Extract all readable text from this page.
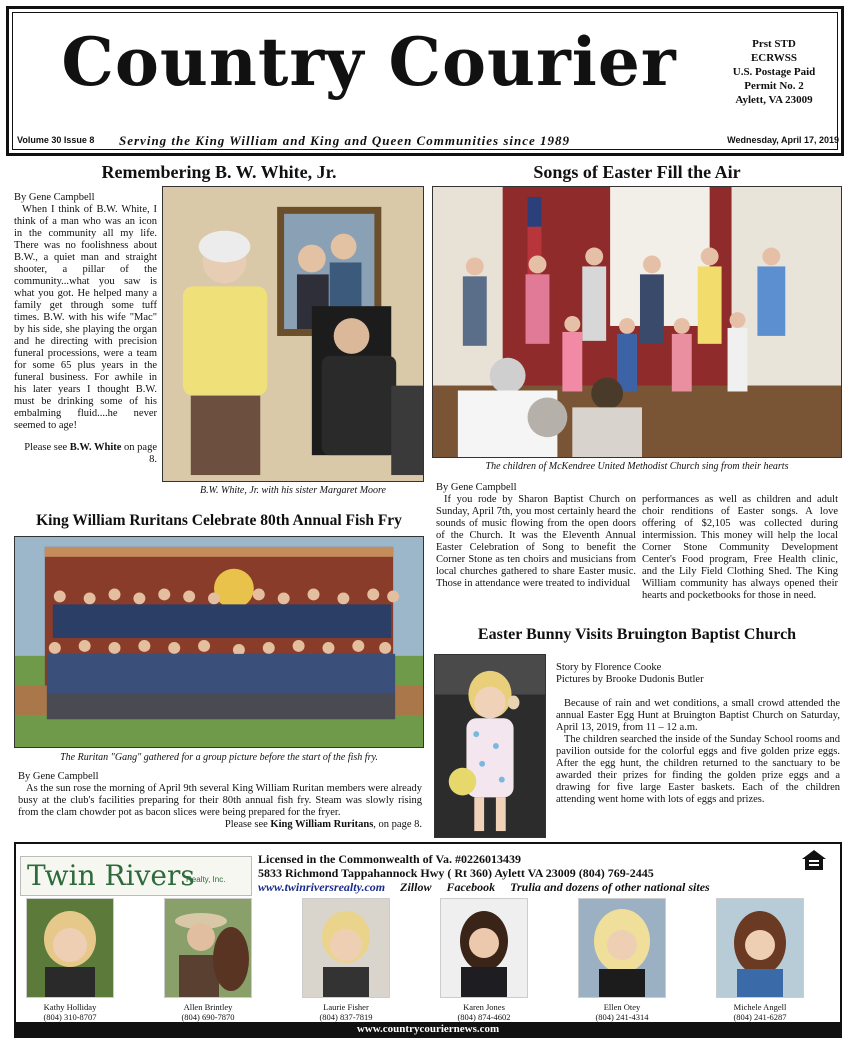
Country Courier	Prst STD
ECRWSS
U.S. Postage Paid
Permit No. 2
Aylett, VA 23009
Volume 30 Issue 8 Serving the King William and King and Queen Communities since 1989	Wednesday, April 17, 2019
Remembering B. W. White, Jr.
By Gene Campbell
When I think of B.W. White, I think of a man who was an icon in the community all my life. There was no foolishness about B.W., a quiet man and straight shooter, a pillar of the community...what you saw is what you got. He helped many a family get through some tuff times. B.W. with his wife "Mac" by his side, she playing the organ and he directing with precision funeral processions, were a team for some 65 plus years in the funeral business. For awhile in his later years I thought B.W. must be drinking some of his embalming fluid....he never seemed to age!
Please see B.W. White on page 8.
B.W. White, Jr. with his sister Margaret Moore
Songs of Easter Fill the Air
The children of McKendree United Methodist Church sing from their hearts
By Gene Campbell
If you rode by Sharon Baptist Church on Sunday, April 7th, you most certainly heard the sounds of music flowing from the open doors of the Church. It was the Eleventh Annual Easter Celebration of Song to benefit the Corner Stone as ten choirs and musicians from local churches gathered to share Easter music. Those in attendance were treated to individual
performances as well as children and adult choir renditions of Easter songs. A love offering of $2,105 was collected during intermission. This money will help the local Corner Stone Community Development Center's Food program, Free Health clinic, and the Lily Field Clothing Shed. The King William community has always opened their hearts and pocketbooks for those in need.
King William Ruritans Celebrate 80th Annual Fish Fry
The Ruritan "Gang" gathered for a group picture before the start of the fish fry.
By Gene Campbell
As the sun rose the morning of April 9th several King William Ruritan members were already busy at the club's facilities preparing for their 80th annual fish fry. Steam was slowly rising from the clam chowder pot as bacon slices were being prepared for the fryer.
Please see King William Ruritans, on page 8.
Easter Bunny Visits Bruington Baptist Church
Story by Florence Cooke
Pictures by Brooke Dudonis Butler
Because of rain and wet conditions, a small crowd attended the annual Easter Egg Hunt at Bruington Baptist Church on Saturday, April 13, 2019, from 11 – 12 a.m.
The children searched the inside of the Sunday School rooms and pavilion outside for the colorful eggs and five golden prize eggs. After the egg hunt, the children returned to the sanctuary to be awarded their prizes for finding the golden prize eggs and a drawing for five large Easter baskets. Each of the children attending went home with lots of eggs and prizes.
Twin Rivers
Realty, Inc.
Licensed in the Commonwealth of Va. #0226013439
5833 Richmond Tappahannock Hwy ( Rt 360) Aylett VA 23009 (804) 769-2445
www.twinriversrealty.com Zillow Facebook Trulia and dozens of other national sites
Kathy Holliday
(804) 310-8707
Allen Brintley
(804) 690-7870
Laurie Fisher
(804) 837-7819
Karen Jones
(804) 874-4602
Ellen Otey
(804) 241-4314
Michele Angell
(804) 241-6287
www.countrycouriernews.com
